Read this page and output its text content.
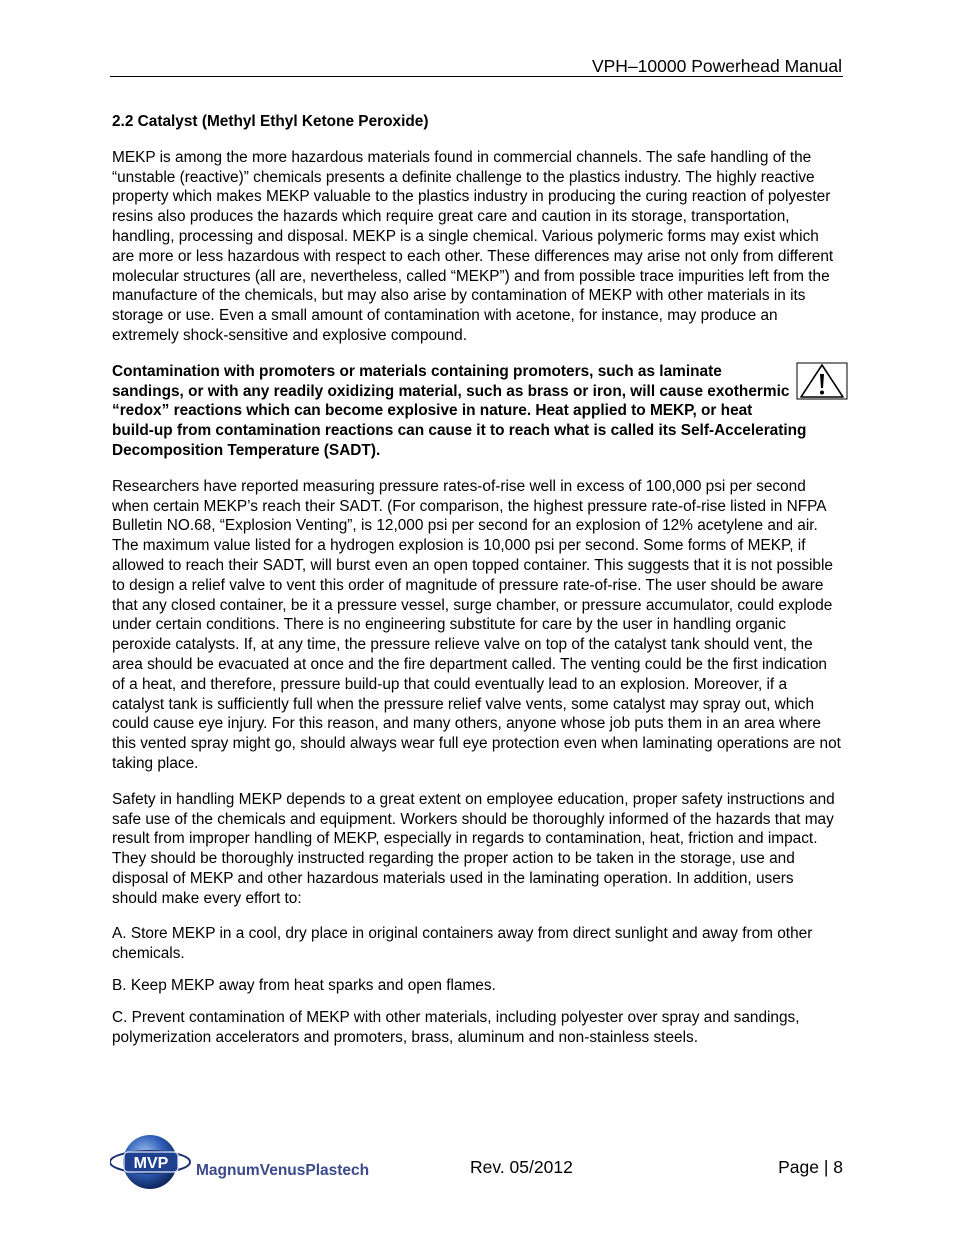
VPH–10000 Powerhead Manual

2.2 Catalyst (Methyl Ethyl Ketone Peroxide)

MEKP is among the more hazardous materials found in commercial channels. The safe handling of the “unstable (reactive)” chemicals presents a definite challenge to the plastics industry. The highly reactive property which makes MEKP valuable to the plastics industry in producing the curing reaction of polyester resins also produces the hazards which require great care and caution in its storage, transportation, handling, processing and disposal. MEKP is a single chemical. Various polymeric forms may exist which are more or less hazardous with respect to each other. These differences may arise not only from different molecular structures (all are, nevertheless, called “MEKP”) and from possible trace impurities left from the manufacture of the chemicals, but may also arise by contamination of MEKP with other materials in its storage or use. Even a small amount of contamination with acetone, for instance, may produce an extremely shock-sensitive and explosive compound.

Contamination with promoters or materials containing promoters, such as laminate sandings, or with any readily oxidizing material, such as brass or iron, will cause exothermic “redox” reactions which can become explosive in nature. Heat applied to MEKP, or heat build-up from contamination reactions can cause it to reach what is called its Self-Accelerating Decomposition Temperature (SADT).

Researchers have reported measuring pressure rates-of-rise well in excess of 100,000 psi per second when certain MEKP’s reach their SADT. (For comparison, the highest pressure rate-of-rise listed in NFPA Bulletin NO.68, “Explosion Venting”, is 12,000 psi per second for an explosion of 12% acetylene and air. The maximum value listed for a hydrogen explosion is 10,000 psi per second. Some forms of MEKP, if allowed to reach their SADT, will burst even an open topped container. This suggests that it is not possible to design a relief valve to vent this order of magnitude of pressure rate-of-rise. The user should be aware that any closed container, be it a pressure vessel, surge chamber, or pressure accumulator, could explode under certain conditions. There is no engineering substitute for care by the user in handling organic peroxide catalysts. If, at any time, the pressure relieve valve on top of the catalyst tank should vent, the area should be evacuated at once and the fire department called. The venting could be the first indication of a heat, and therefore, pressure build-up that could eventually lead to an explosion. Moreover, if a catalyst tank is sufficiently full when the pressure relief valve vents, some catalyst may spray out, which could cause eye injury. For this reason, and many others, anyone whose job puts them in an area where this vented spray might go, should always wear full eye protection even when laminating operations are not taking place.

Safety in handling MEKP depends to a great extent on employee education, proper safety instructions and safe use of the chemicals and equipment. Workers should be thoroughly informed of the hazards that may result from improper handling of MEKP, especially in regards to contamination, heat, friction and impact. They should be thoroughly instructed regarding the proper action to be taken in the storage, use and disposal of MEKP and other hazardous materials used in the laminating operation. In addition, users should make every effort to:

A. Store MEKP in a cool, dry place in original containers away from direct sunlight and away from other chemicals.

B. Keep MEKP away from heat sparks and open flames.

C. Prevent contamination of MEKP with other materials, including polyester over spray and sandings, polymerization accelerators and promoters, brass, aluminum and non-stainless steels.

MVP MagnumVenusPlastech	Rev. 05/2012	Page | 8
